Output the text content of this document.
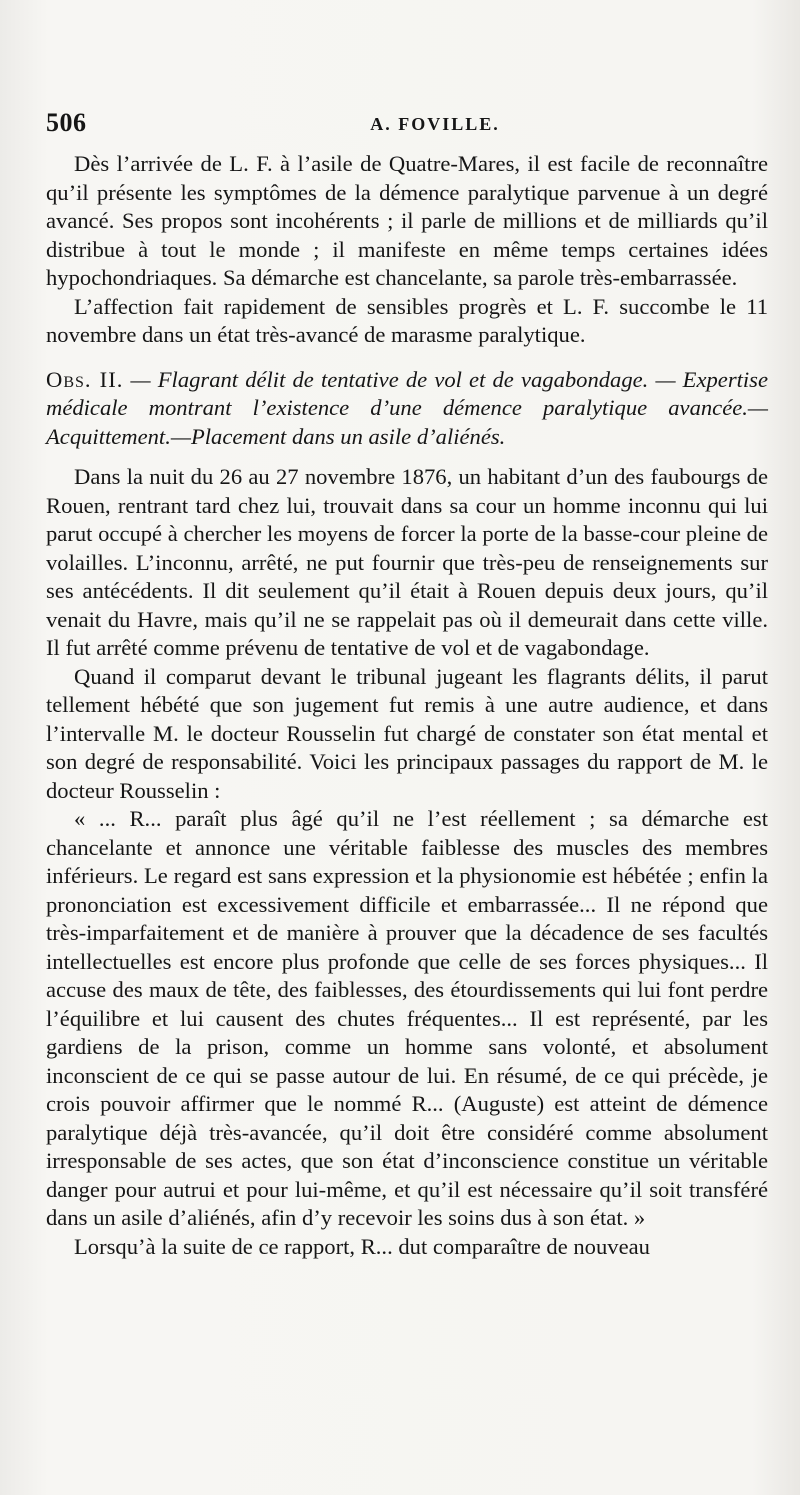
506	A. FOVILLE.

Dès l’arrivée de L. F. à l’asile de Quatre-Mares, il est facile de reconnaître qu’il présente les symptômes de la démence paralytique parvenue à un degré avancé. Ses propos sont incohérents ; il parle de millions et de milliards qu’il distribue à tout le monde ; il manifeste en même temps certaines idées hypochondriaques. Sa démarche est chancelante, sa parole très-embarrassée.

L’affection fait rapidement de sensibles progrès et L. F. succombe le 11 novembre dans un état très-avancé de marasme paralytique.

Obs. II. — Flagrant délit de tentative de vol et de vagabondage. — Expertise médicale montrant l’existence d’une démence paralytique avancée.—Acquittement.—Placement dans un asile d’aliénés.

Dans la nuit du 26 au 27 novembre 1876, un habitant d’un des faubourgs de Rouen, rentrant tard chez lui, trouvait dans sa cour un homme inconnu qui lui parut occupé à chercher les moyens de forcer la porte de la basse-cour pleine de volailles. L’inconnu, arrêté, ne put fournir que très-peu de renseignements sur ses antécédents. Il dit seulement qu’il était à Rouen depuis deux jours, qu’il venait du Havre, mais qu’il ne se rappelait pas où il demeurait dans cette ville. Il fut arrêté comme prévenu de tentative de vol et de vagabondage.

Quand il comparut devant le tribunal jugeant les flagrants délits, il parut tellement hébété que son jugement fut remis à une autre audience, et dans l’intervalle M. le docteur Rousselin fut chargé de constater son état mental et son degré de responsabilité. Voici les principaux passages du rapport de M. le docteur Rousselin :

« ... R... paraît plus âgé qu’il ne l’est réellement ; sa démarche est chancelante et annonce une véritable faiblesse des muscles des membres inférieurs. Le regard est sans expression et la physionomie est hébétée ; enfin la prononciation est excessivement difficile et embarrassée... Il ne répond que très-imparfaitement et de manière à prouver que la décadence de ses facultés intellectuelles est encore plus profonde que celle de ses forces physiques... Il accuse des maux de tête, des faiblesses, des étourdissements qui lui font perdre l’équilibre et lui causent des chutes fréquentes... Il est représenté, par les gardiens de la prison, comme un homme sans volonté, et absolument inconscient de ce qui se passe autour de lui. En résumé, de ce qui précède, je crois pouvoir affirmer que le nommé R... (Auguste) est atteint de démence paralytique déjà très-avancée, qu’il doit être considéré comme absolument irresponsable de ses actes, que son état d’inconscience constitue un véritable danger pour autrui et pour lui-même, et qu’il est nécessaire qu’il soit transféré dans un asile d’aliénés, afin d’y recevoir les soins dus à son état. »

Lorsqu’à la suite de ce rapport, R... dut comparaître de nouveau
